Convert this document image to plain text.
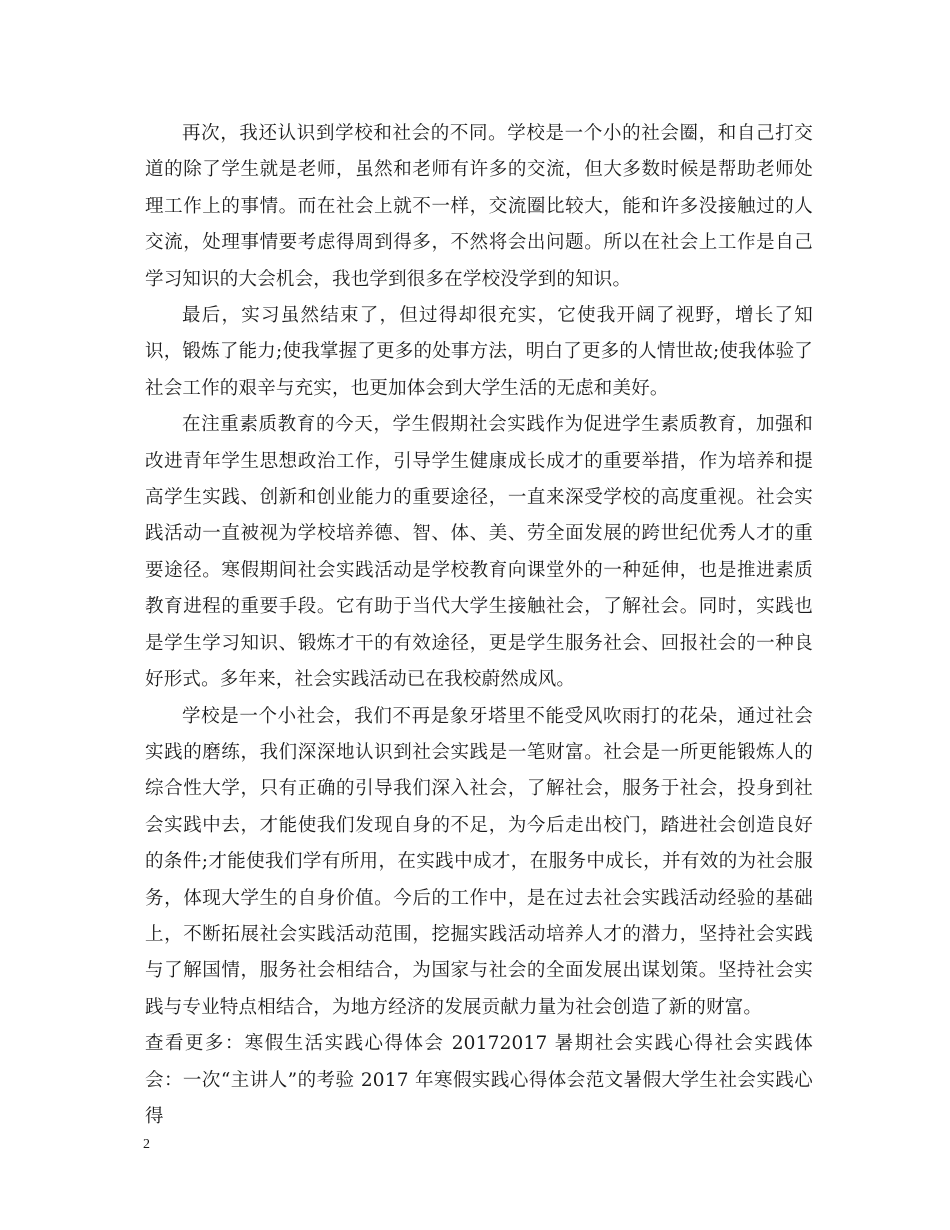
再次，我还认识到学校和社会的不同。学校是一个小的社会圈，和自己打交道的除了学生就是老师，虽然和老师有许多的交流，但大多数时候是帮助老师处理工作上的事情。而在社会上就不一样，交流圈比较大，能和许多没接触过的人交流，处理事情要考虑得周到得多，不然将会出问题。所以在社会上工作是自己学习知识的大会机会，我也学到很多在学校没学到的知识。

最后，实习虽然结束了，但过得却很充实，它使我开阔了视野，增长了知识，锻炼了能力;使我掌握了更多的处事方法，明白了更多的人情世故;使我体验了社会工作的艰辛与充实，也更加体会到大学生活的无虑和美好。

在注重素质教育的今天，学生假期社会实践作为促进学生素质教育，加强和改进青年学生思想政治工作，引导学生健康成长成才的重要举措，作为培养和提高学生实践、创新和创业能力的重要途径，一直来深受学校的高度重视。社会实践活动一直被视为学校培养德、智、体、美、劳全面发展的跨世纪优秀人才的重要途径。寒假期间社会实践活动是学校教育向课堂外的一种延伸，也是推进素质教育进程的重要手段。它有助于当代大学生接触社会，了解社会。同时，实践也是学生学习知识、锻炼才干的有效途径，更是学生服务社会、回报社会的一种良好形式。多年来，社会实践活动已在我校蔚然成风。

学校是一个小社会，我们不再是象牙塔里不能受风吹雨打的花朵，通过社会实践的磨练，我们深深地认识到社会实践是一笔财富。社会是一所更能锻炼人的综合性大学，只有正确的引导我们深入社会，了解社会，服务于社会，投身到社会实践中去，才能使我们发现自身的不足，为今后走出校门，踏进社会创造良好的条件;才能使我们学有所用，在实践中成才，在服务中成长，并有效的为社会服务，体现大学生的自身价值。今后的工作中，是在过去社会实践活动经验的基础上，不断拓展社会实践活动范围，挖掘实践活动培养人才的潜力，坚持社会实践与了解国情，服务社会相结合，为国家与社会的全面发展出谋划策。坚持社会实践与专业特点相结合，为地方经济的发展贡献力量为社会创造了新的财富。

查看更多：寒假生活实践心得体会 20172017 暑期社会实践心得社会实践体会：一次“主讲人”的考验 2017 年寒假实践心得体会范文暑假大学生社会实践心得

2
